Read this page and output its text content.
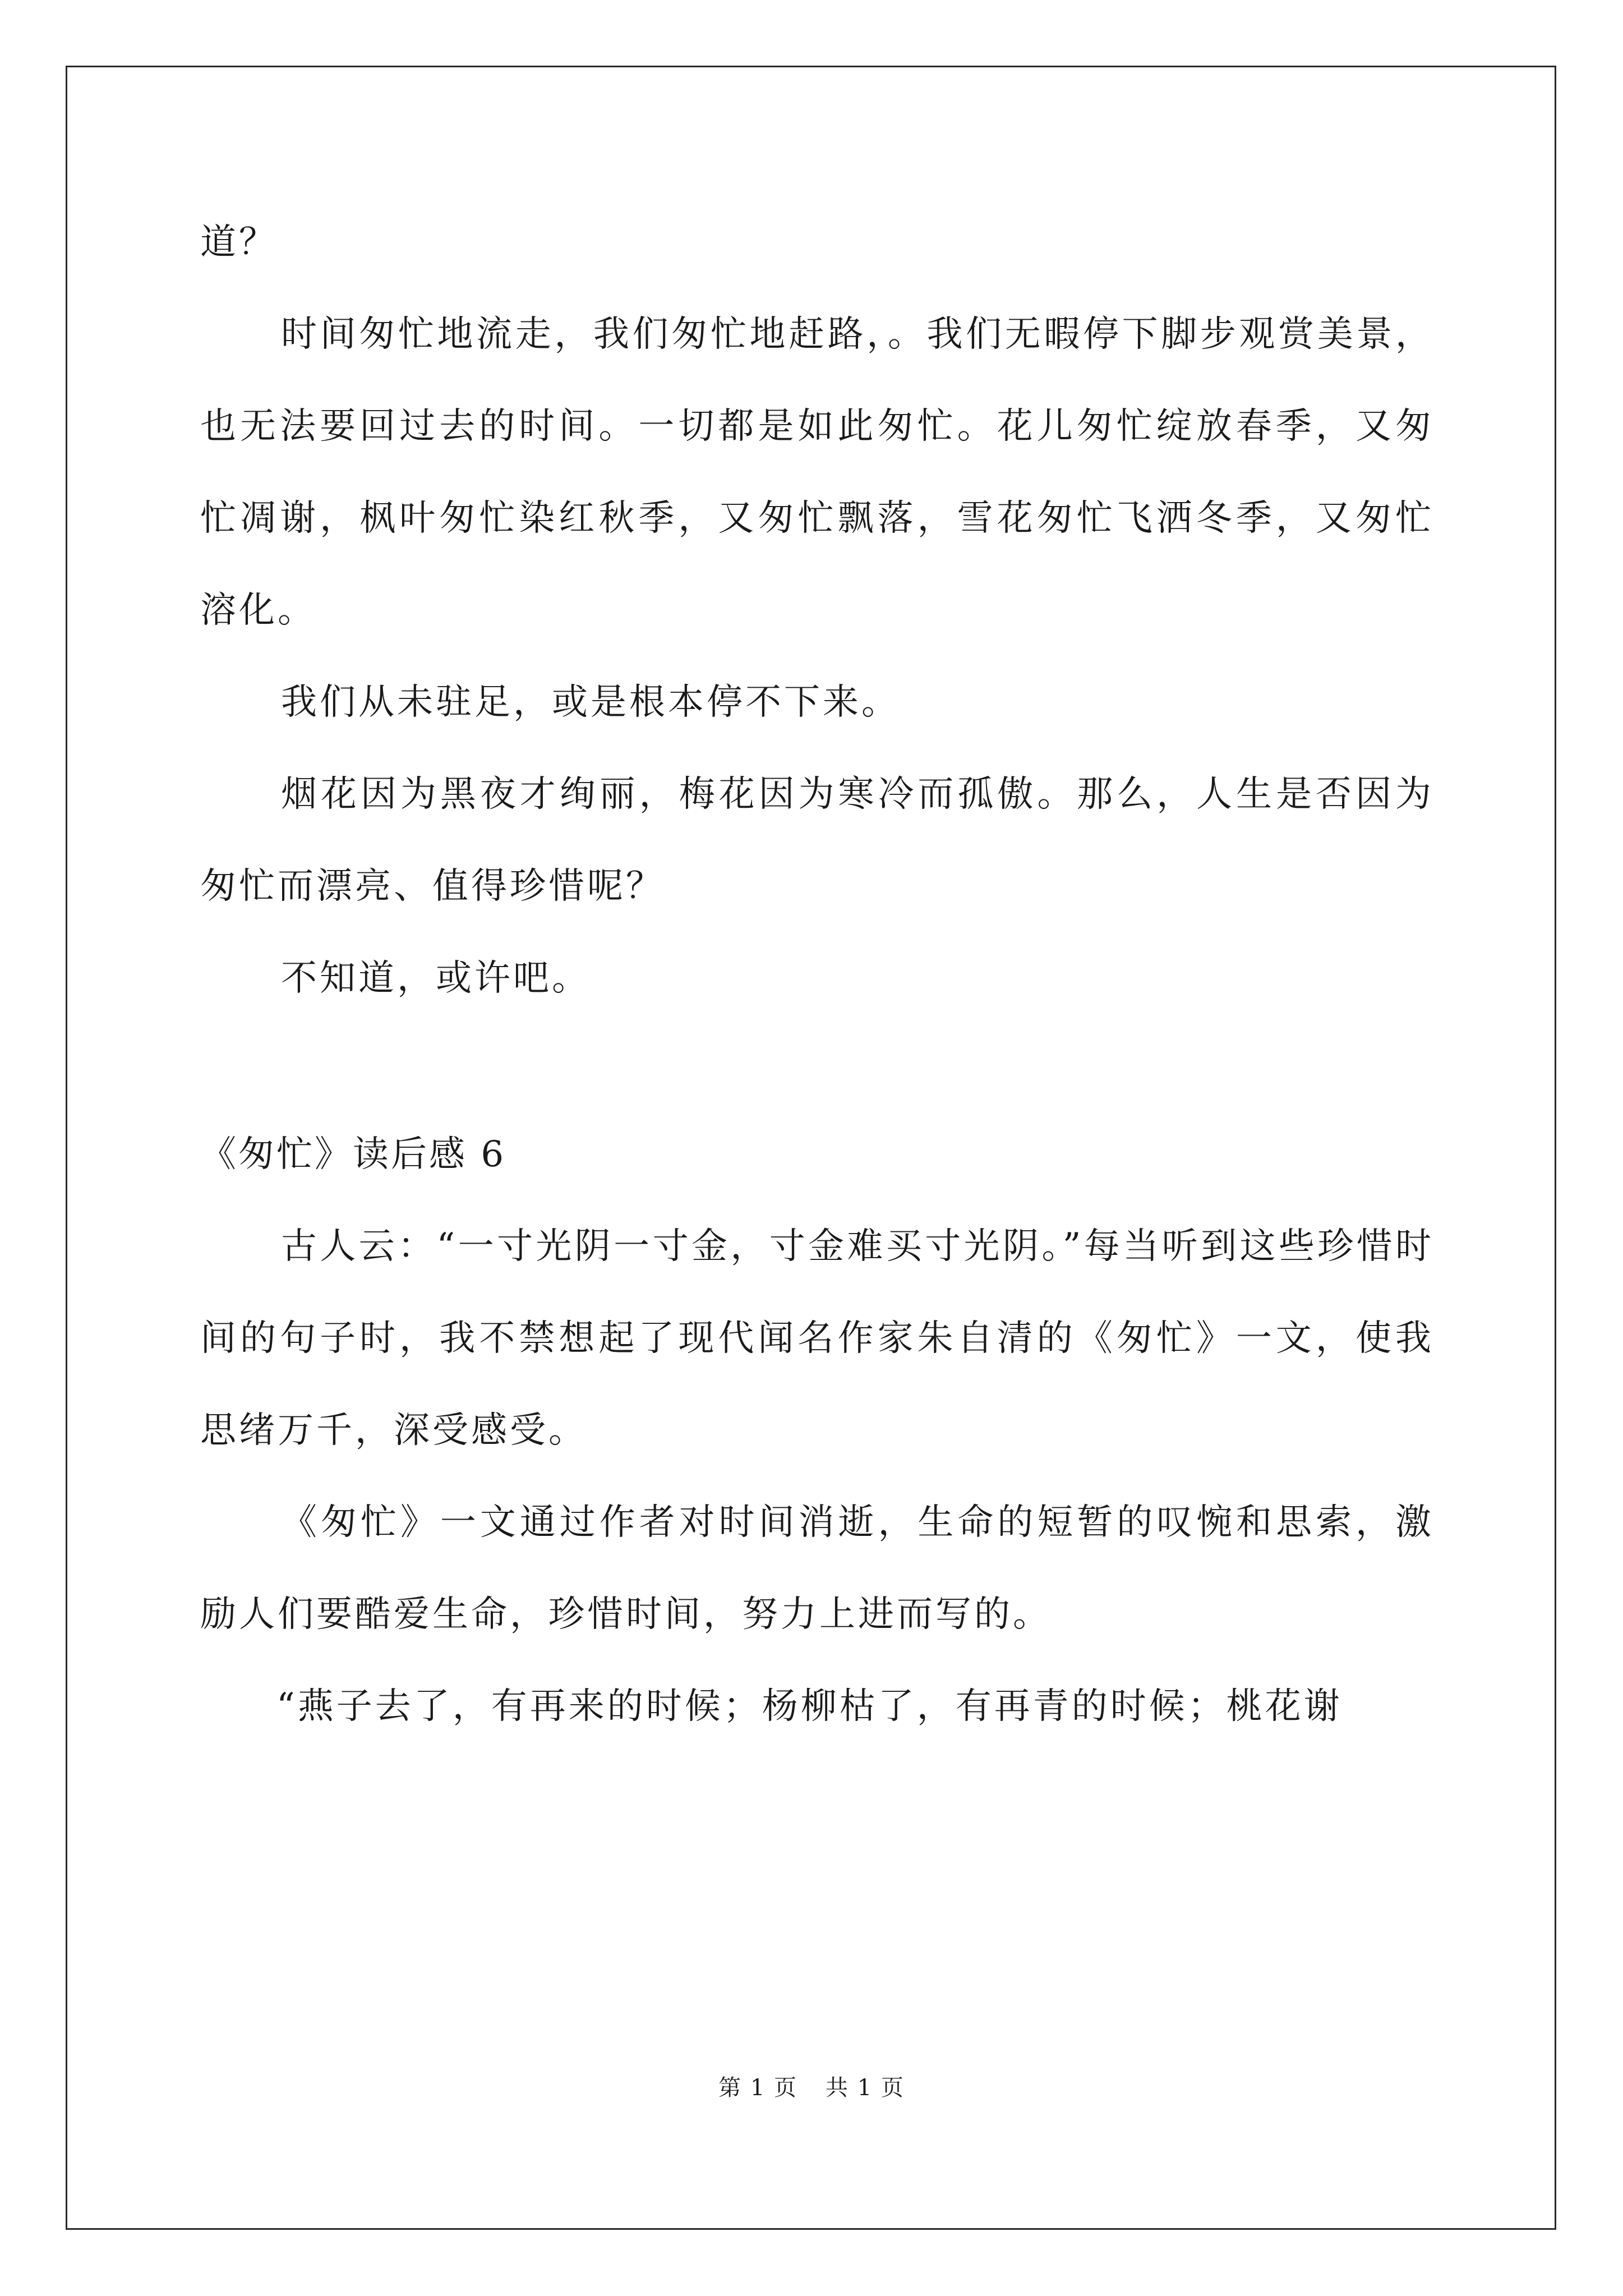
道？

时间匆忙地流走，我们匆忙地赶路，。我们无暇停下脚步观赏美景，也无法要回过去的时间。一切都是如此匆忙。花儿匆忙绽放春季，又匆忙凋谢，枫叶匆忙染红秋季，又匆忙飘落，雪花匆忙飞洒冬季，又匆忙溶化。

我们从未驻足，或是根本停不下来。

烟花因为黑夜才绚丽，梅花因为寒冷而孤傲。那么，人生是否因为匆忙而漂亮、值得珍惜呢？

不知道，或许吧。

《匆忙》读后感 6

古人云：“一寸光阴一寸金，寸金难买寸光阴。”每当听到这些珍惜时间的句子时，我不禁想起了现代闻名作家朱自清的《匆忙》一文，使我思绪万千，深受感受。

《匆忙》一文通过作者对时间消逝，生命的短暂的叹惋和思索，激励人们要酷爱生命，珍惜时间，努力上进而写的。

“燕子去了，有再来的时候；杨柳枯了，有再青的时候；桃花谢

第 1 页 共 1 页
